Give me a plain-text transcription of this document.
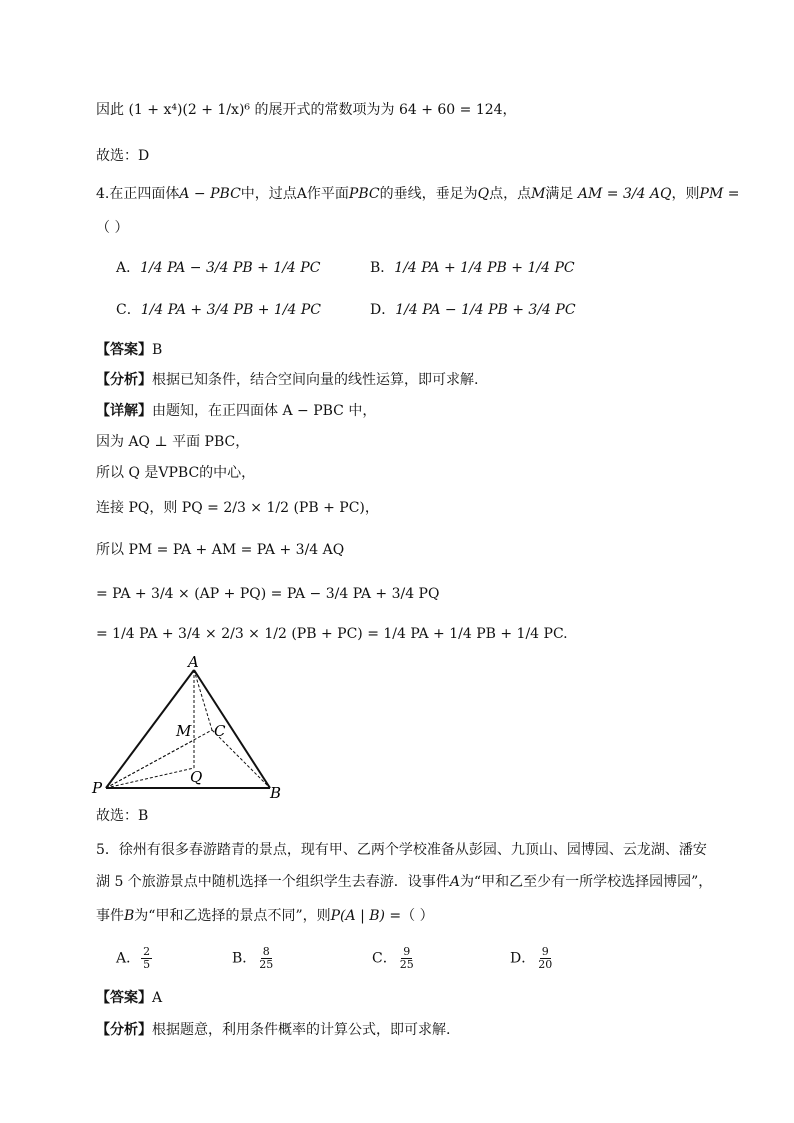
因此 (1 + x⁴)(2 + 1/x)⁶ 的展开式的常数项为为 64 + 60 = 124，
故选：D
4.在正四面体A − PBC中，过点A作平面PBC的垂线，垂足为Q点，点M满足 AM = 3/4 AQ，则PM =
（ ）
A．1/4 PA − 3/4 PB + 1/4 PC	B．1/4 PA + 1/4 PB + 1/4 PC
C．1/4 PA + 3/4 PB + 1/4 PC	D．1/4 PA − 1/4 PB + 3/4 PC
【答案】B
【分析】根据已知条件，结合空间向量的线性运算，即可求解.
【详解】由题知，在正四面体 A − PBC 中，
因为 AQ ⊥ 平面 PBC，
所以 Q 是VPBC的中心，
连接 PQ，则 PQ = 2/3 × 1/2 (PB + PC)，
所以 PM = PA + AM = PA + 3/4 AQ
= PA + 3/4 × (AP + PQ) = PA − 3/4 PA + 3/4 PQ
= 1/4 PA + 3/4 × 2/3 × 1/2 (PB + PC) = 1/4 PA + 1/4 PB + 1/4 PC.
A
M C
Q
P	B
故选：B
5．徐州有很多春游踏青的景点，现有甲、乙两个学校准备从彭园、九顶山、园博园、云龙湖、潘安
湖 5 个旅游景点中随机选择一个组织学生去春游．设事件A为“甲和乙至少有一所学校选择园博园”，
事件B为“甲和乙选择的景点不同”，则P(A | B) =（ ）
A． $\frac{2}{5}$	B． $\frac{8}{25}$	C． $\frac{9}{25}$	D． $\frac{9}{20}$
【答案】A
【分析】根据题意，利用条件概率的计算公式，即可求解.
